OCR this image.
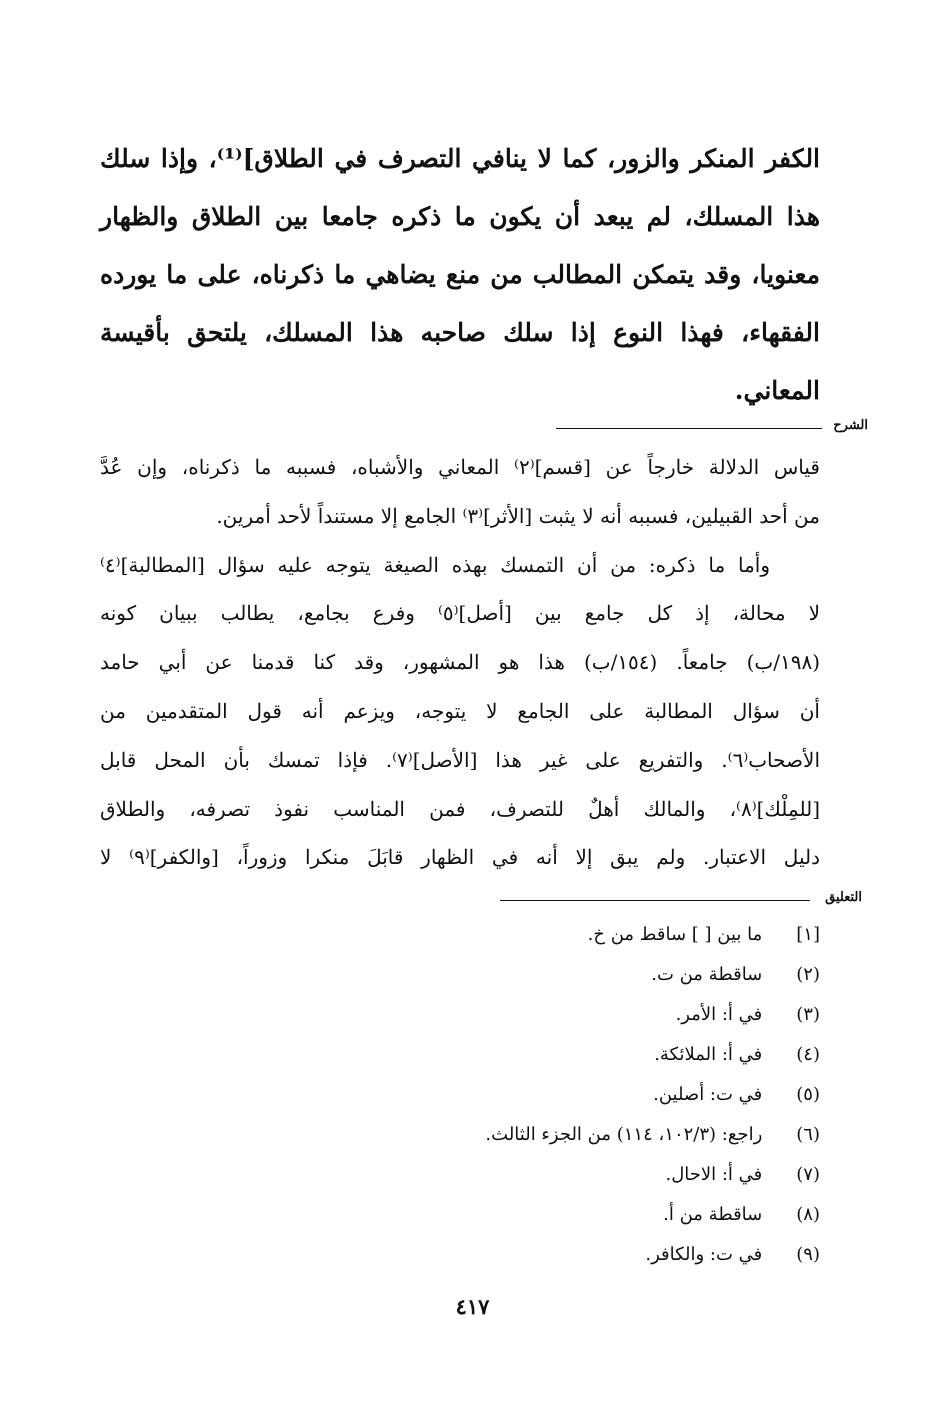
الكفر المنكر والزور، كما لا ينافي التصرف في الطلاق]⁽¹⁾، وإذا سلك
هذا المسلك، لم يبعد أن يكون ما ذكره جامعا بين الطلاق والظهار
معنويا، وقد يتمكن المطالب من منع يضاهي ما ذكرناه، على ما يورده
الفقهاء، فهذا النوع إذا سلك صاحبه هذا المسلك، يلتحق بأقيسة
المعاني.
الشرح
قياس الدلالة خارجاً عن [قسم]⁽٢⁾ المعاني والأشباه، فسببه ما ذكرناه، وإن عُدَّ
من أحد القبيلين، فسببه أنه لا يثبت [الأثر]⁽٣⁾ الجامع إلا مستنداً لأحد أمرين.
وأما ما ذكره: من أن التمسك بهذه الصيغة يتوجه عليه سؤال [المطالبة]⁽٤⁾
لا محالة، إذ كل جامع بين [أصل]⁽٥⁾ وفرع بجامع، يطالب ببيان كونه
(١٩٨/ب) جامعاً. (١٥٤/ب) هذا هو المشهور، وقد كنا قدمنا عن أبي حامد
أن سؤال المطالبة على الجامع لا يتوجه، ويزعم أنه قول المتقدمين من
الأصحاب⁽٦⁾. والتفريع على غير هذا [الأصل]⁽٧⁾. فإذا تمسك بأن المحل قابل
[للمِلْك]⁽٨⁾، والمالك أهلٌ للتصرف، فمن المناسب نفوذ تصرفه، والطلاق
دليل الاعتبار. ولم يبق إلا أنه في الظهار قابَلَ منكرا وزوراً، [والكفر]⁽٩⁾ لا
التعليق
[١] ما بين [ ] ساقط من خ.
(٢) ساقطة من ت.
(٣) في أ: الأمر.
(٤) في أ: الملائكة.
(٥) في ت: أصلين.
(٦) راجع: (١٠٢/٣، ١١٤) من الجزء الثالث.
(٧) في أ: الاحال.
(٨) ساقطة من أ.
(٩) في ت: والكافر.
٤١٧
